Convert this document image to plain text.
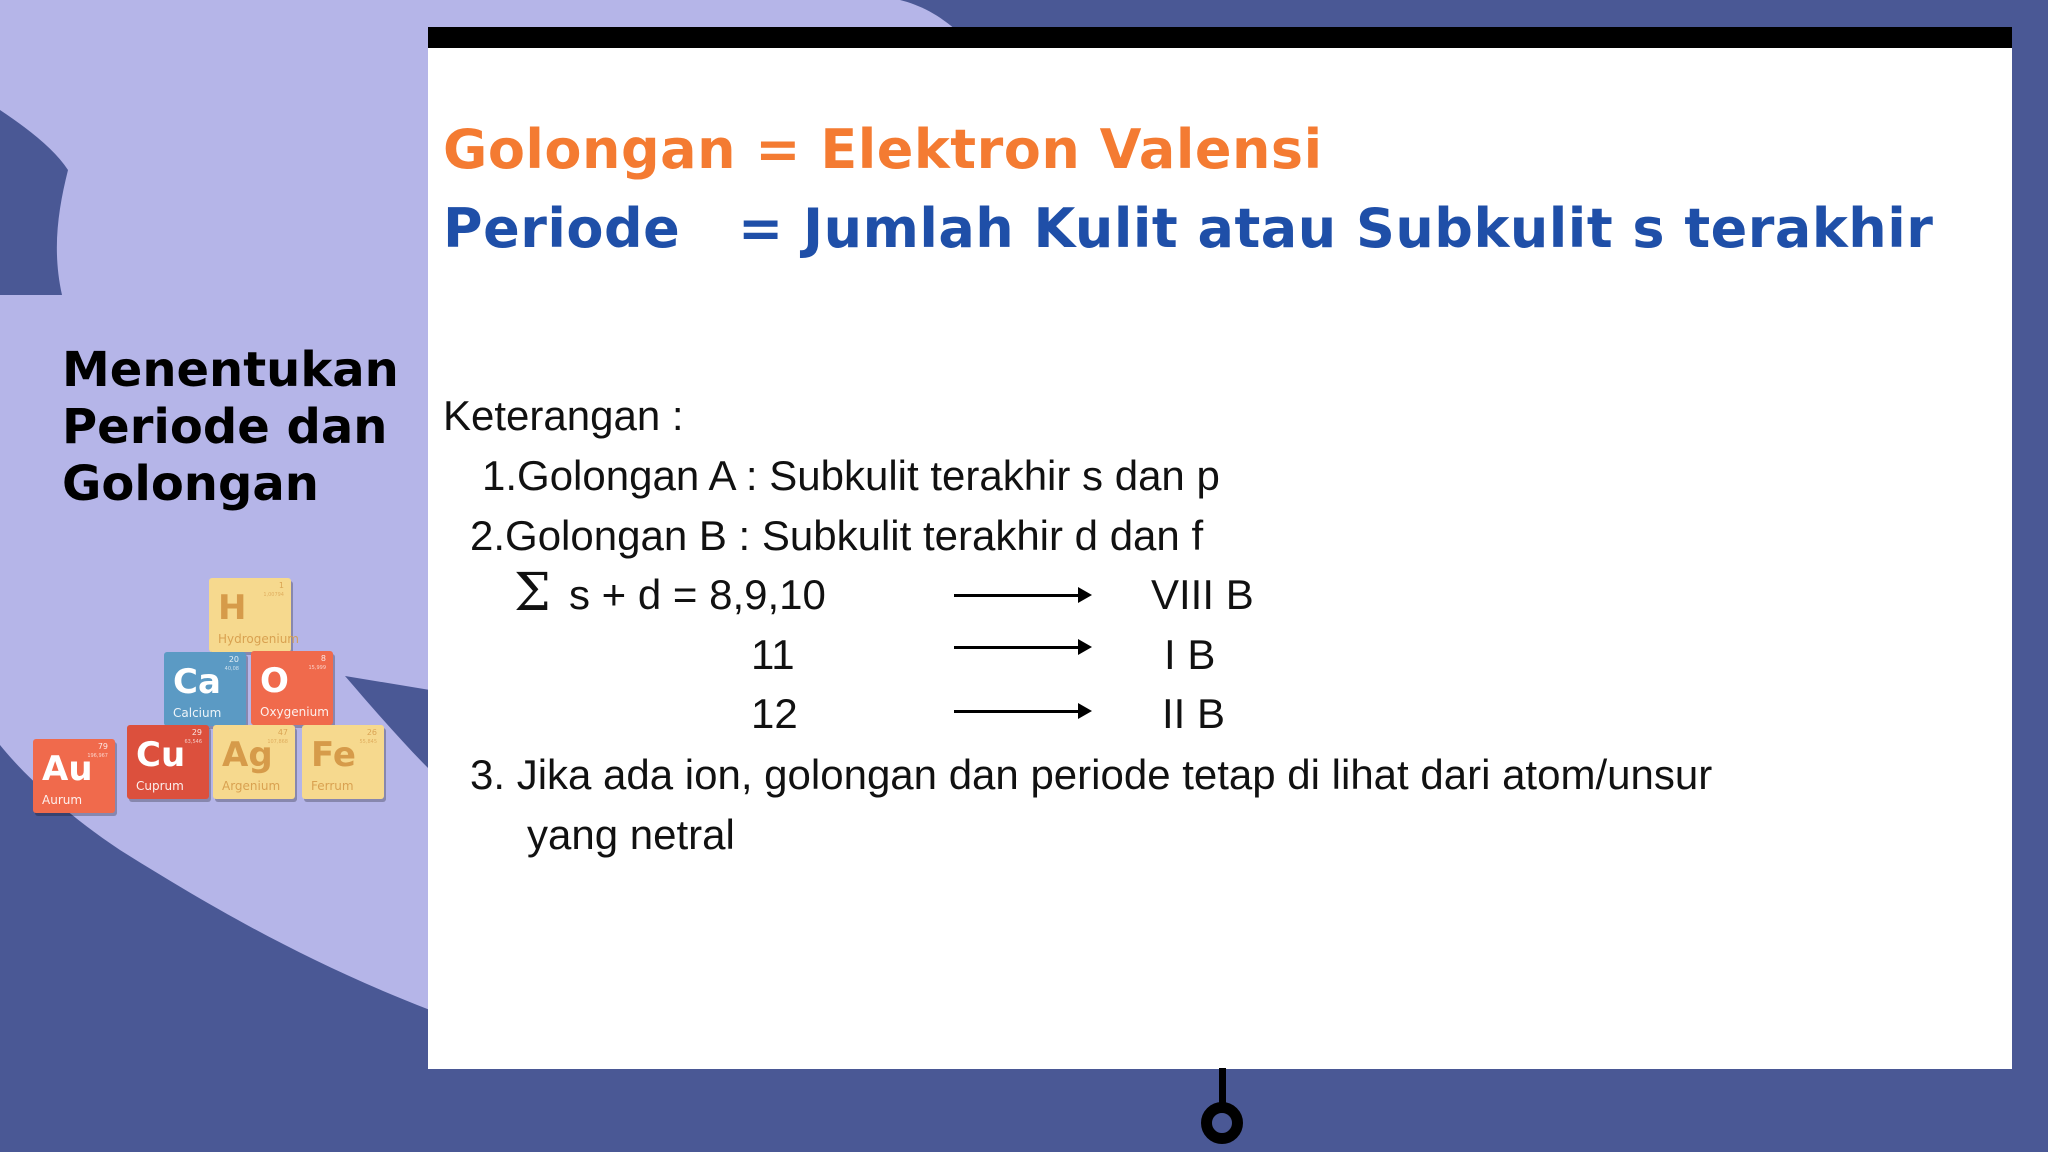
Menentukan
Periode dan
Golongan
1
1,00794
H
Hydrogenium
20
40,08
Ca
Calcium
8
15,999
O
Oxygenium
79
196,967
Au
Aurum
29
63,546
Cu
Cuprum
47
107,868
Ag
Argenium
26
55,845
Fe
Ferrum
Golongan = Elektron Valensi
Periode = Jumlah Kulit atau Subkulit s terakhir
Keterangan :
1.Golongan A : Subkulit terakhir s dan p
2.Golongan B : Subkulit terakhir d dan f
Σ s + d = 8,9,10	VIII B
11	I B
12	II B
3. Jika ada ion, golongan dan periode tetap di lihat dari atom/unsur
yang netral
